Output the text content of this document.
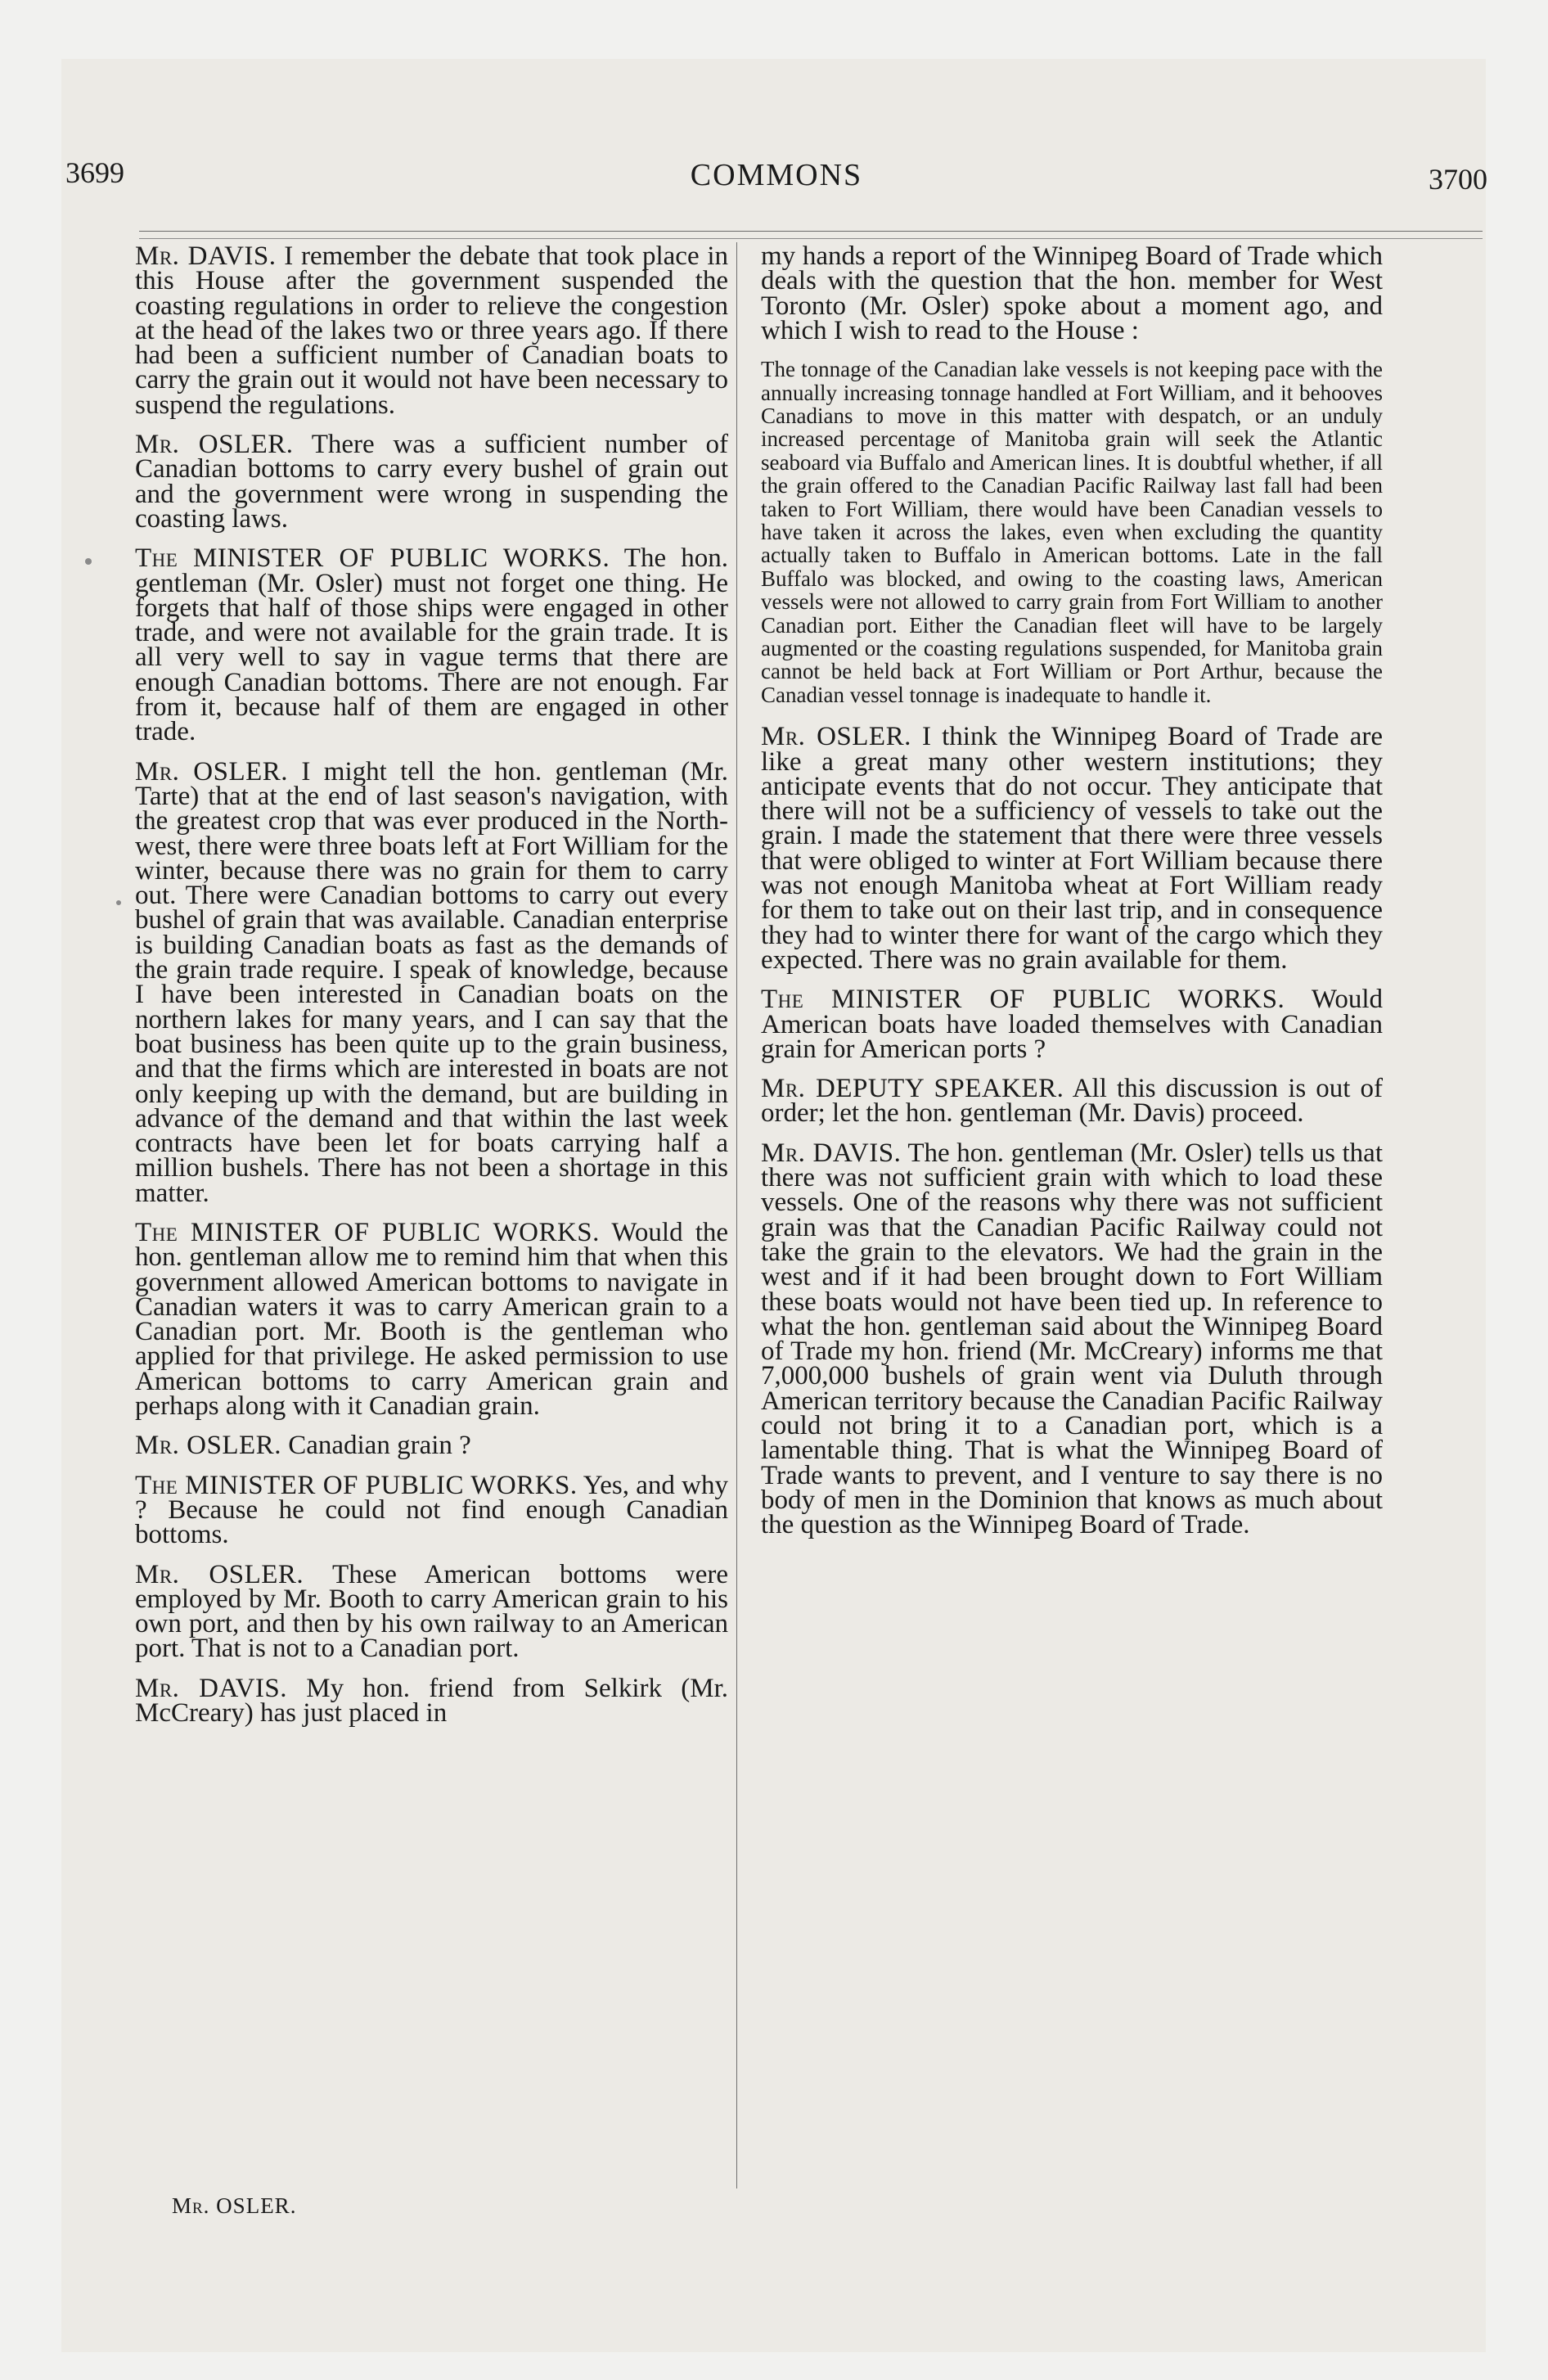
3699	COMMONS	3700

Mr. DAVIS. I remember the debate that took place in this House after the government suspended the coasting regulations in order to relieve the congestion at the head of the lakes two or three years ago. If there had been a sufficient number of Canadian boats to carry the grain out it would not have been necessary to suspend the regulations.

Mr. OSLER. There was a sufficient number of Canadian bottoms to carry every bushel of grain out and the government were wrong in suspending the coasting laws.

The MINISTER OF PUBLIC WORKS. The hon. gentleman (Mr. Osler) must not forget one thing. He forgets that half of those ships were engaged in other trade, and were not available for the grain trade. It is all very well to say in vague terms that there are enough Canadian bottoms. There are not enough. Far from it, because half of them are engaged in other trade.

Mr. OSLER. I might tell the hon. gentleman (Mr. Tarte) that at the end of last season's navigation, with the greatest crop that was ever produced in the North-west, there were three boats left at Fort William for the winter, because there was no grain for them to carry out. There were Canadian bottoms to carry out every bushel of grain that was available. Canadian enterprise is building Canadian boats as fast as the demands of the grain trade require. I speak of knowledge, because I have been interested in Canadian boats on the northern lakes for many years, and I can say that the boat business has been quite up to the grain business, and that the firms which are interested in boats are not only keeping up with the demand, but are building in advance of the demand and that within the last week contracts have been let for boats carrying half a million bushels. There has not been a shortage in this matter.

The MINISTER OF PUBLIC WORKS. Would the hon. gentleman allow me to remind him that when this government allowed American bottoms to navigate in Canadian waters it was to carry American grain to a Canadian port. Mr. Booth is the gentleman who applied for that privilege. He asked permission to use American bottoms to carry American grain and perhaps along with it Canadian grain.

Mr. OSLER. Canadian grain ?

The MINISTER OF PUBLIC WORKS. Yes, and why ? Because he could not find enough Canadian bottoms.

Mr. OSLER. These American bottoms were employed by Mr. Booth to carry American grain to his own port, and then by his own railway to an American port. That is not to a Canadian port.

Mr. DAVIS. My hon. friend from Selkirk (Mr. McCreary) has just placed in

Mr. OSLER.

my hands a report of the Winnipeg Board of Trade which deals with the question that the hon. member for West Toronto (Mr. Osler) spoke about a moment ago, and which I wish to read to the House :

The tonnage of the Canadian lake vessels is not keeping pace with the annually increasing tonnage handled at Fort William, and it behooves Canadians to move in this matter with despatch, or an unduly increased percentage of Manitoba grain will seek the Atlantic seaboard via Buffalo and American lines. It is doubtful whether, if all the grain offered to the Canadian Pacific Railway last fall had been taken to Fort William, there would have been Canadian vessels to have taken it across the lakes, even when excluding the quantity actually taken to Buffalo in American bottoms. Late in the fall Buffalo was blocked, and owing to the coasting laws, American vessels were not allowed to carry grain from Fort William to another Canadian port. Either the Canadian fleet will have to be largely augmented or the coasting regulations suspended, for Manitoba grain cannot be held back at Fort William or Port Arthur, because the Canadian vessel tonnage is inadequate to handle it.

Mr. OSLER. I think the Winnipeg Board of Trade are like a great many other western institutions; they anticipate events that do not occur. They anticipate that there will not be a sufficiency of vessels to take out the grain. I made the statement that there were three vessels that were obliged to winter at Fort William because there was not enough Manitoba wheat at Fort William ready for them to take out on their last trip, and in consequence they had to winter there for want of the cargo which they expected. There was no grain available for them.

The MINISTER OF PUBLIC WORKS. Would American boats have loaded themselves with Canadian grain for American ports ?

Mr. DEPUTY SPEAKER. All this discussion is out of order; let the hon. gentleman (Mr. Davis) proceed.

Mr. DAVIS. The hon. gentleman (Mr. Osler) tells us that there was not sufficient grain with which to load these vessels. One of the reasons why there was not sufficient grain was that the Canadian Pacific Railway could not take the grain to the elevators. We had the grain in the west and if it had been brought down to Fort William these boats would not have been tied up. In reference to what the hon. gentleman said about the Winnipeg Board of Trade my hon. friend (Mr. McCreary) informs me that 7,000,000 bushels of grain went via Duluth through American territory because the Canadian Pacific Railway could not bring it to a Canadian port, which is a lamentable thing. That is what the Winnipeg Board of Trade wants to prevent, and I venture to say there is no body of men in the Dominion that knows as much about the question as the Winnipeg Board of Trade.
